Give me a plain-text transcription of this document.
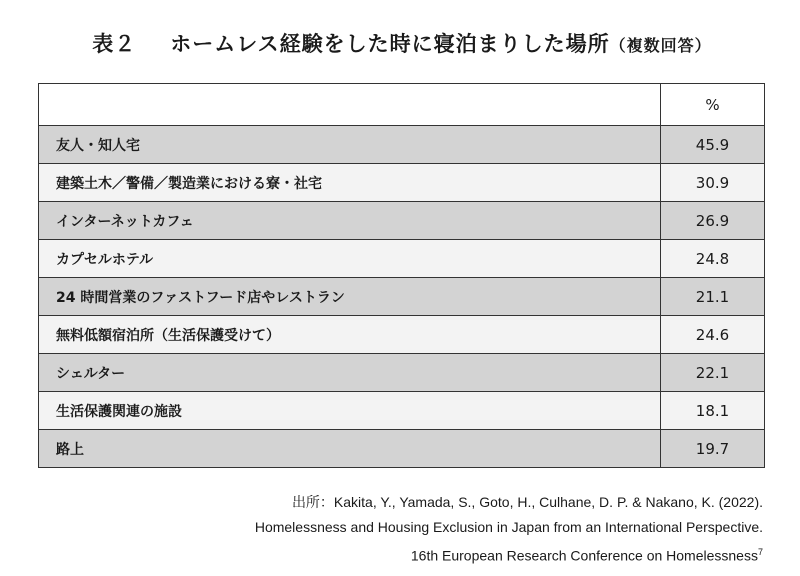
表２ ホームレス経験をした時に寝泊まりした場所（複数回答）
	%
友人・知人宅	45.9
建築土木／警備／製造業における寮・社宅	30.9
インターネットカフェ	26.9
カプセルホテル	24.8
24 時間営業のファストフード店やレストラン	21.1
無料低額宿泊所（生活保護受けて）	24.6
シェルター	22.1
生活保護関連の施設	18.1
路上	19.7
出所：Kakita, Y., Yamada, S., Goto, H., Culhane, D. P. & Nakano, K. (2022).
Homelessness and Housing Exclusion in Japan from an International Perspective.
16th European Research Conference on Homelessness$^7$
